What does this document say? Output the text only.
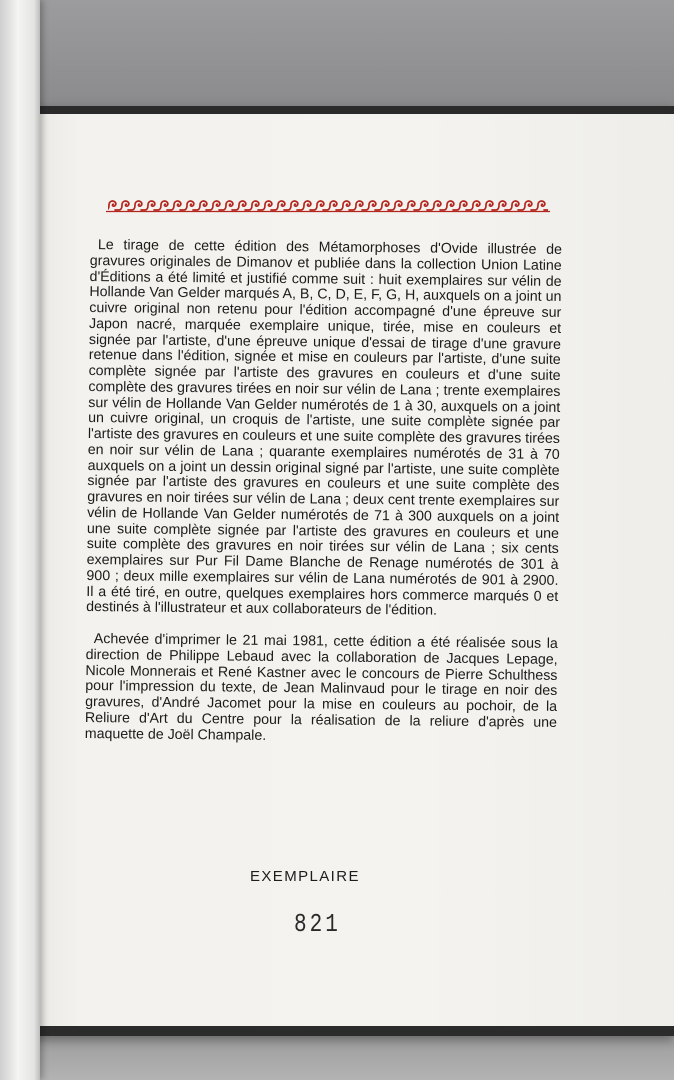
Le tirage de cette édition des Métamorphoses d'Ovide illustrée de gravures originales de Dimanov et publiée dans la collection Union Latine d'Éditions a été limité et justifié comme suit : huit exemplaires sur vélin de Hollande Van Gelder marqués A, B, C, D, E, F, G, H, auxquels on a joint un cuivre original non retenu pour l'édition accompagné d'une épreuve sur Japon nacré, marquée exemplaire unique, tirée, mise en couleurs et signée par l'artiste, d'une épreuve unique d'essai de tirage d'une gravure retenue dans l'édition, signée et mise en couleurs par l'artiste, d'une suite complète signée par l'artiste des gravures en couleurs et d'une suite complète des gravures tirées en noir sur vélin de Lana ; trente exemplaires sur vélin de Hollande Van Gelder numérotés de 1 à 30, auxquels on a joint un cuivre original, un croquis de l'artiste, une suite complète signée par l'artiste des gravures en couleurs et une suite complète des gravures tirées en noir sur vélin de Lana ; quarante exemplaires numérotés de 31 à 70 auxquels on a joint un dessin original signé par l'artiste, une suite complète signée par l'artiste des gravures en couleurs et une suite complète des gravures en noir tirées sur vélin de Lana ; deux cent trente exemplaires sur vélin de Hollande Van Gelder numérotés de 71 à 300 auxquels on a joint une suite complète signée par l'artiste des gravures en couleurs et une suite complète des gravures en noir tirées sur vélin de Lana ; six cents exemplaires sur Pur Fil Dame Blanche de Renage numérotés de 301 à 900 ; deux mille exemplaires sur vélin de Lana numérotés de 901 à 2900. Il a été tiré, en outre, quelques exemplaires hors commerce marqués 0 et destinés à l'illustrateur et aux collaborateurs de l'édition.

Achevée d'imprimer le 21 mai 1981, cette édition a été réalisée sous la direction de Philippe Lebaud avec la collaboration de Jacques Lepage, Nicole Monnerais et René Kastner avec le concours de Pierre Schulthess pour l'impression du texte, de Jean Malinvaud pour le tirage en noir des gravures, d'André Jacomet pour la mise en couleurs au pochoir, de la Reliure d'Art du Centre pour la réalisation de la reliure d'après une maquette de Joël Champale.

EXEMPLAIRE
821
